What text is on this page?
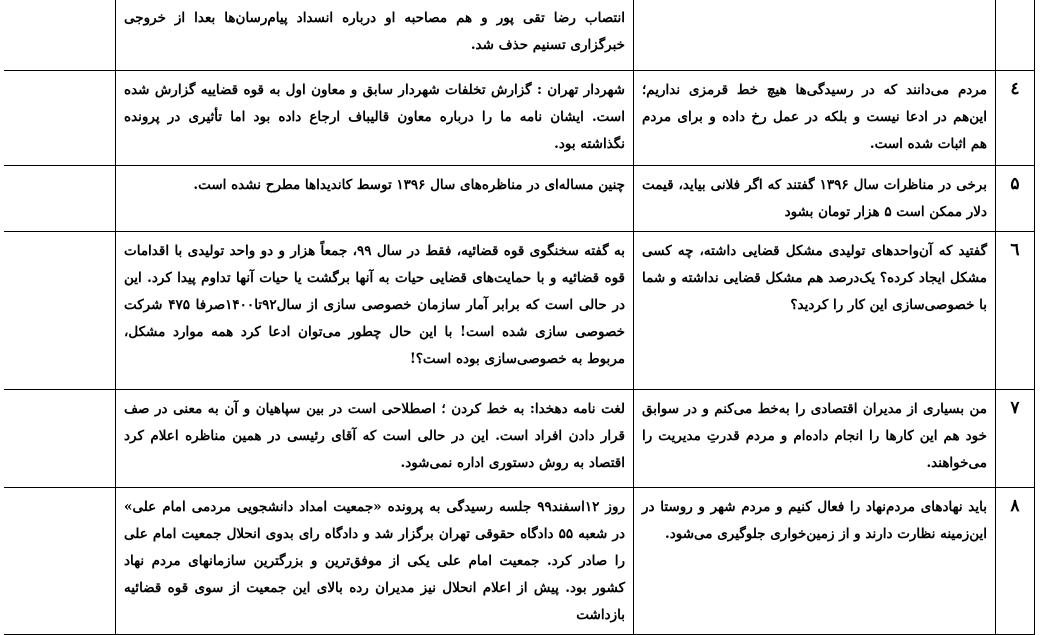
		انتصاب رضا تقی پور و هم مصاحبه او درباره انسداد پیام‌رسان‌ها بعدا از خروجی خبرگزاری تسنیم حذف شد.	
٤	مردم می‌دانند که در رسیدگی‌ها هیچ خط قرمزی نداریم؛ این‌هم در ادعا نیست و بلکه در عمل رخ داده و برای مردم هم اثبات شده است.	شهردار تهران : گزارش تخلفات شهردار سابق و معاون اول به قوه قضاییه گزارش شده است. ایشان نامه ما را درباره معاون قالیباف ارجاع داده بود اما تأثیری در پرونده نگذاشته بود.	
۵	برخی در مناظرات سال ۱۳۹۶ گفتند که اگر فلانی بیاید، قیمت دلار ممکن است ۵ هزار تومان بشود	چنین مساله‌ای در مناظره‌های سال ۱۳۹۶ توسط کاندیداها مطرح نشده است.	
٦	گفتید که آن‌واحدهای تولیدی مشکل قضایی داشته، چه کسی مشکل ایجاد کرده؟ یک‌درصد هم مشکل قضایی نداشته و شما با خصوصی‌سازی این کار را کردید؟	به گفته سخنگوی قوه قضائیه، فقط در سال ۹۹، جمعاً هزار و دو واحد تولیدی با اقدامات قوه قضائیه و با حمایت‌های قضایی حیات به آنها برگشت یا حیات آنها تداوم پیدا کرد. این در حالی است که برابر آمار سازمان خصوصی سازی از سال۹۲تا۱۴۰۰صرفا ۴۷۵ شرکت خصوصی سازی شده است! با این حال چطور می‌توان ادعا کرد همه موارد مشکل، مربوط به خصوصی‌سازی بوده است؟!	
۷	من بسیاری از مدیران اقتصادی را به‌خط می‌کنم و در سوابق خود هم این کارها را انجام داده‌ام و مردم قدرتِ مدیریت را می‌خواهند.	لغت نامه دهخدا: به خط کردن ؛ اصطلاحی است در بین سپاهیان و آن به معنی در صف قرار دادن افراد است. این در حالی است که آقای رئیسی در همین مناظره اعلام کرد اقتصاد به روش دستوری اداره نمی‌شود.	
۸	باید نهادهای مردم‌نهاد را فعال کنیم و مردم شهر و روستا در این‌زمینه نظارت دارند و از زمین‌خواری جلوگیری می‌شود.	روز ۱۲اسفند۹۹ جلسه رسیدگی به پرونده «جمعیت امداد دانشجویی مردمی امام علی» در شعبه ۵۵ دادگاه حقوقی تهران برگزار شد و دادگاه رای بدوی انحلال جمعیت امام علی را صادر کرد. جمعیت امام علی یکی از موفق‌ترین و بزرگترین سازمانهای مردم نهاد کشور بود. پیش از اعلام انحلال نیز مدیران رده بالای این جمعیت از سوی قوه قضائیه بازداشت	
